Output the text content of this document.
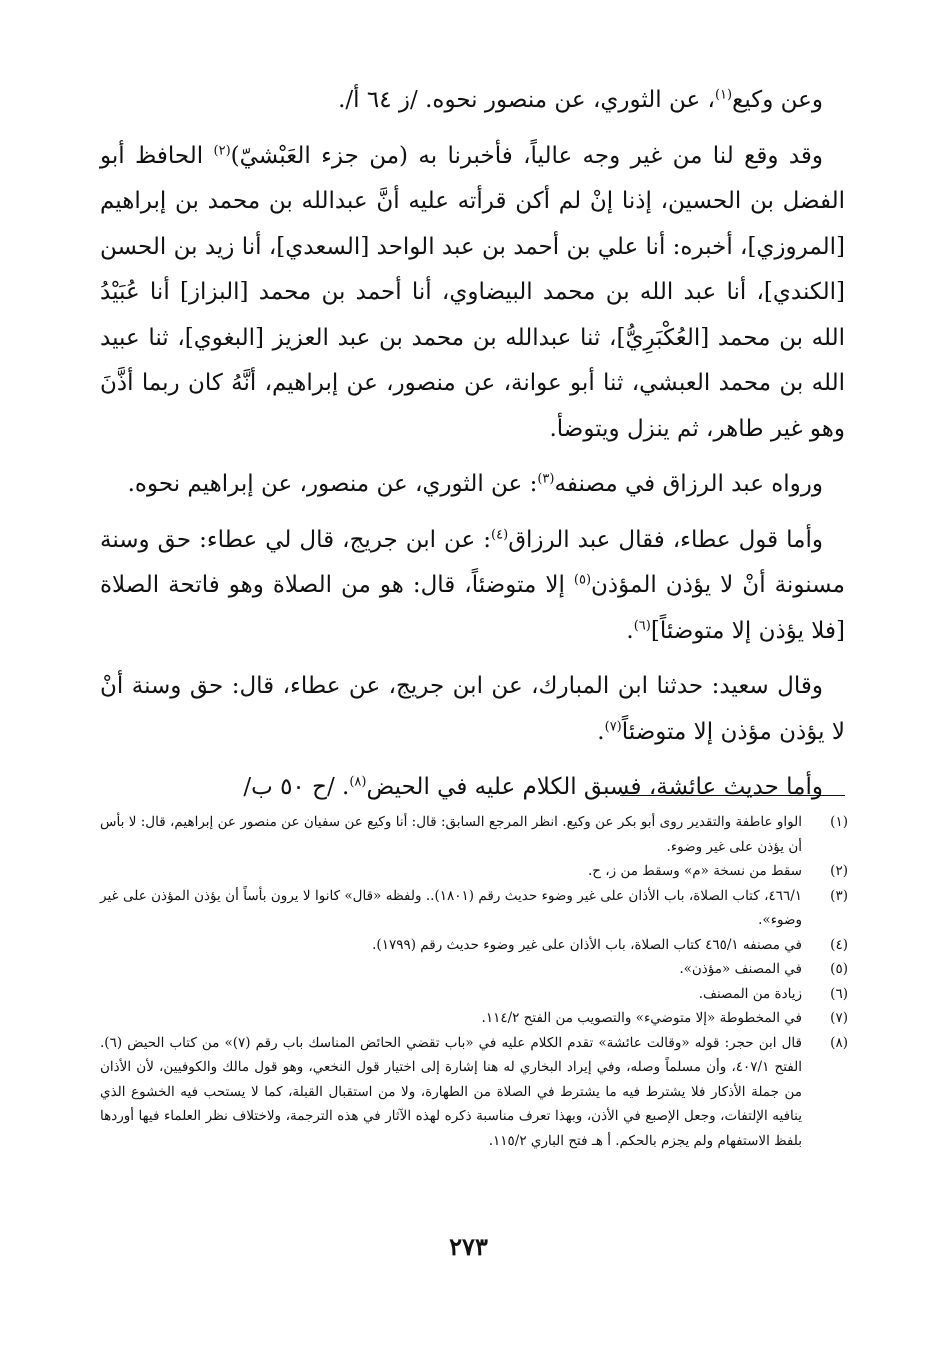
وعن وكيع$^{(١)}$، عن الثوري، عن منصور نحوه. /ز ٦٤ أ/.

وقد وقع لنا من غير وجه عالياً، فأخبرنا به (من جزء العَبْشيّ)$^{(٢)}$ الحافظ أبو الفضل بن الحسين، إذنا إنْ لم أكن قرأته عليه أنَّ عبدالله بن محمد بن إبراهيم [المروزي]، أخبره: أنا علي بن أحمد بن عبد الواحد [السعدي]، أنا زيد بن الحسن [الكندي]، أنا عبد الله بن محمد البيضاوي، أنا أحمد بن محمد [البزاز] أنا عُبَيْدُ الله بن محمد [العُكْبَرِيُّ]، ثنا عبدالله بن محمد بن عبد العزيز [البغوي]، ثنا عبيد الله بن محمد العبشي، ثنا أبو عوانة، عن منصور، عن إبراهيم، أنَّهُ كان ربما أذَّنَ وهو غير طاهر، ثم ينزل ويتوضأ.

ورواه عبد الرزاق في مصنفه$^{(٣)}$: عن الثوري، عن منصور، عن إبراهيم نحوه.

وأما قول عطاء، فقال عبد الرزاق$^{(٤)}$: عن ابن جريج، قال لي عطاء: حق وسنة مسنونة أنْ لا يؤذن المؤذن$^{(٥)}$ إلا متوضئاً، قال: هو من الصلاة وهو فاتحة الصلاة [فلا يؤذن إلا متوضئاً]$^{(٦)}$.

وقال سعيد: حدثنا ابن المبارك، عن ابن جريج، عن عطاء، قال: حق وسنة أنْ لا يؤذن مؤذن إلا متوضئاً$^{(٧)}$.

وأما حديث عائشة، فسبق الكلام عليه في الحيض$^{(٨)}$. /ح ٥٠ ب/

(١)
الواو عاطفة والتقدير روى أبو بكر عن وكيع. انظر المرجع السابق: قال: أنا وكيع عن سفيان عن منصور عن إبراهيم، قال: لا بأس أن يؤذن على غير وضوء.
(٢)
سقط من نسخة «م» وسقط من ز، ح.
(٣)
٤٦٦/١، كتاب الصلاة، باب الأذان على غير وضوء حديث رقم (١٨٠١).. ولفظه «قال» كانوا لا يرون بأساً أن يؤذن المؤذن على غير وضوء».
(٤)
في مصنفه ٤٦٥/١ كتاب الصلاة، باب الأذان على غير وضوء حديث رقم (١٧٩٩).
(٥)
في المصنف «مؤذن».
(٦)
زيادة من المصنف.
(٧)
في المخطوطة «إلا متوضيء» والتصويب من الفتح ١١٤/٢.
(٨)
قال ابن حجر: قوله «وقالت عائشة» تقدم الكلام عليه في «باب تقضي الحائض المناسك باب رقم (٧)» من كتاب الحيض (٦). الفتح ٤٠٧/١، وأن مسلماً وصله، وفي إيراد البخاري له هنا إشارة إلى اختيار قول النخعي، وهو قول مالك والكوفيين، لأن الأذان من جملة الأذكار فلا يشترط فيه ما يشترط في الصلاة من الطهارة، ولا من استقبال القبلة، كما لا يستحب فيه الخشوع الذي ينافيه الإلتفات، وجعل الإصبع في الأذن، وبهذا تعرف مناسبة ذكره لهذه الآثار في هذه الترجمة، ولاختلاف نظر العلماء فيها أوردها بلفظ الاستفهام ولم يجزم بالحكم. أ هـ فتح الباري ١١٥/٢.
٢٧٣
